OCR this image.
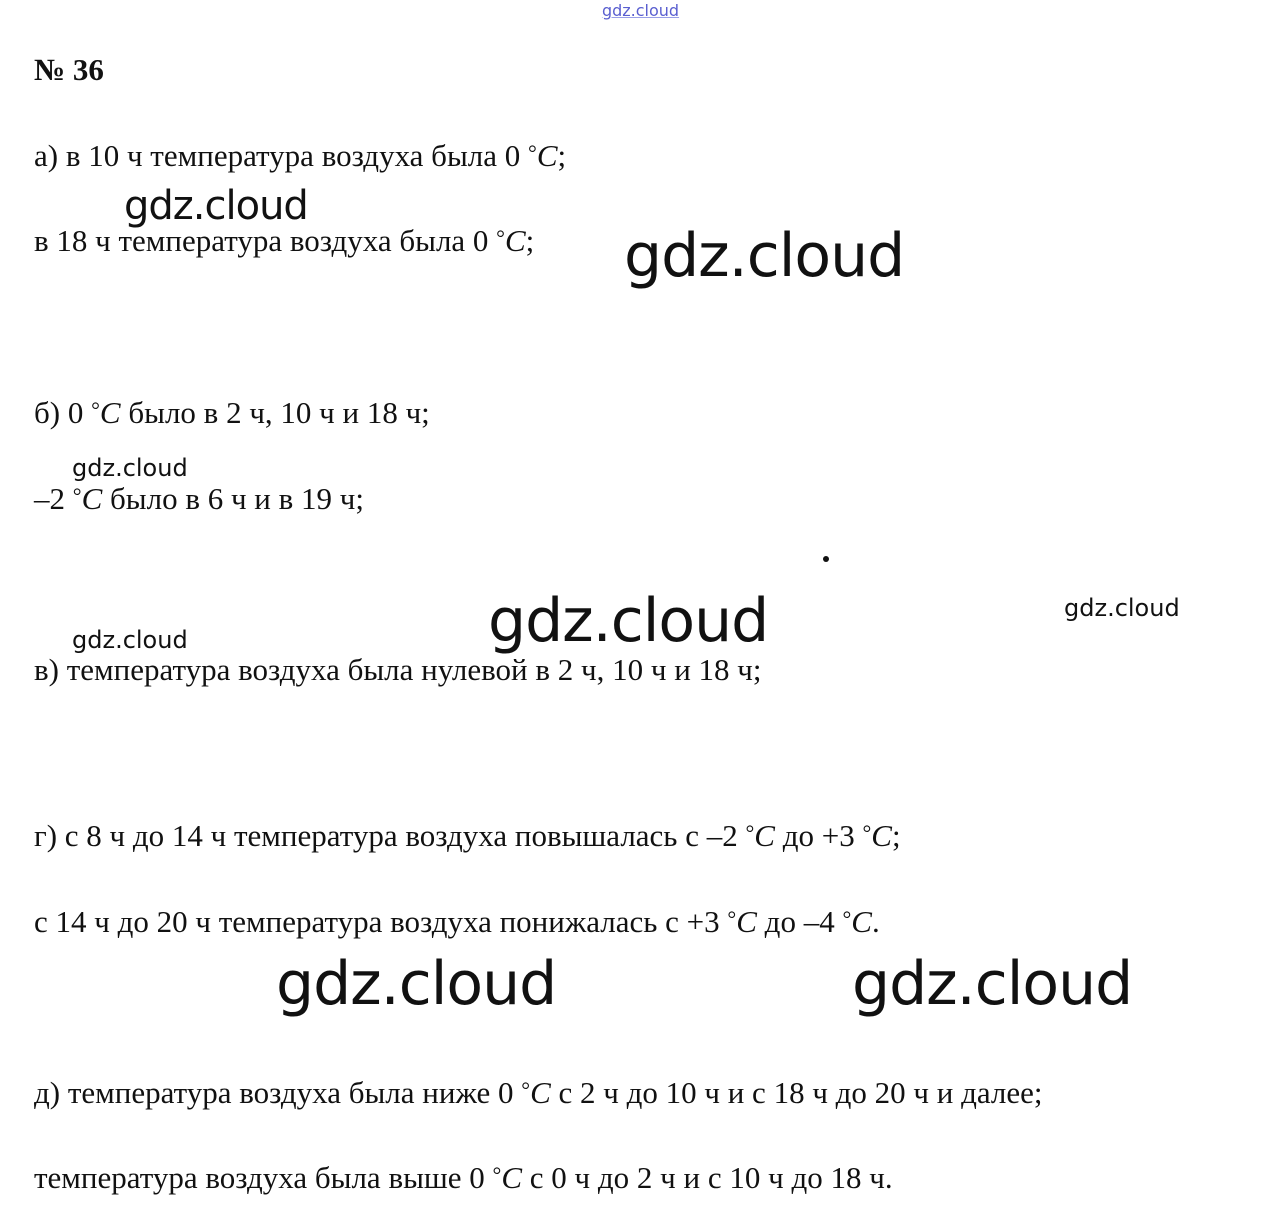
gdz.cloud
№ 36
а) в 10 ч температура воздуха была 0 °C;
в 18 ч температура воздуха была 0 °C;
б) 0 °C было в 2 ч, 10 ч и 18 ч;
–2 °C было в 6 ч и в 19 ч;
в) температура воздуха была нулевой в 2 ч, 10 ч и 18 ч;
г) с 8 ч до 14 ч температура воздуха повышалась с –2 °C до +3 °C;
с 14 ч до 20 ч температура воздуха понижалась с +3 °C до –4 °C.
д) температура воздуха была ниже 0 °C с 2 ч до 10 ч и с 18 ч до 20 ч и далее;
температура воздуха была выше 0 °C с 0 ч до 2 ч и с 10 ч до 18 ч.
gdz.cloud
gdz.cloud
gdz.cloud
gdz.cloud	gdz.cloud
gdz.cloud
gdz.cloud	gdz.cloud
